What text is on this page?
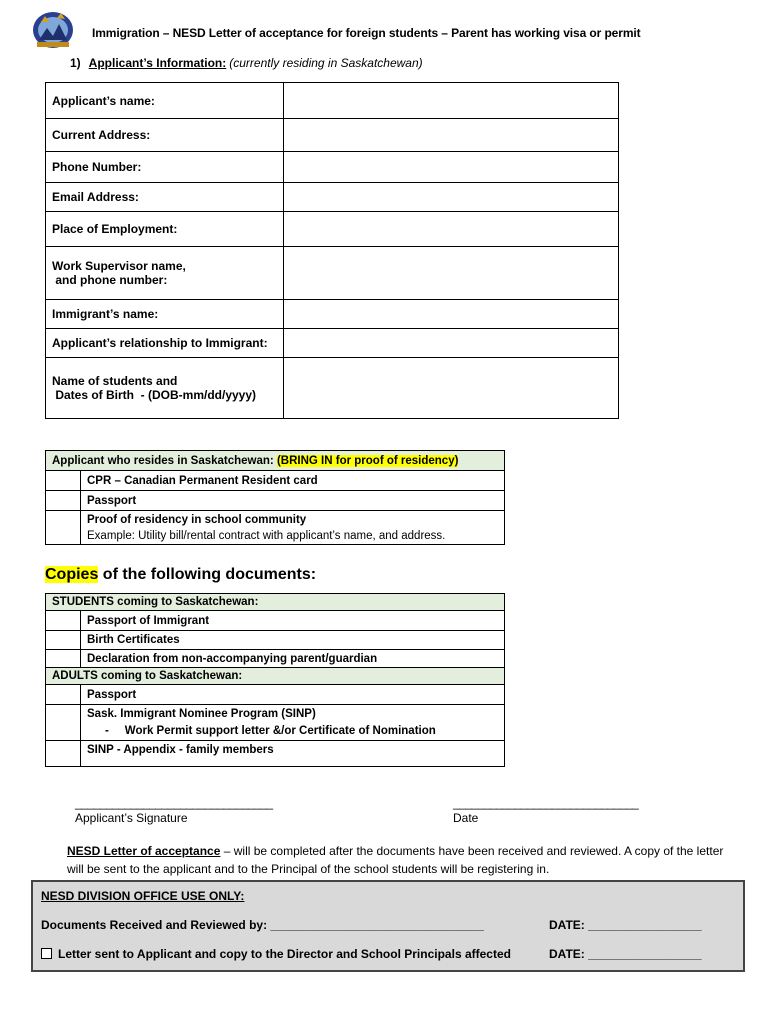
Immigration – NESD Letter of acceptance for foreign students – Parent has working visa or permit
1) Applicant’s Information: (currently residing in Saskatchewan)
Applicant’s name:	
Current Address:	
Phone Number:	
Email Address:	
Place of Employment:	

Work Supervisor name,
and phone number:	

Immigrant’s name:	
Applicant’s relationship to Immigrant:	

Name of students and
Dates of Birth  - (DOB-mm/dd/yyyy)	

Applicant who resides in Saskatchewan: (BRING IN for proof of residency)	
	CPR – Canadian Permanent Resident card
	Passport

	Proof of residency in school community
Example: Utility bill/rental contract with applicant’s name, and address.
Copies of the following documents:
STUDENTS coming to Saskatchewan:	
	Passport of Immigrant
	Birth Certificates
	Declaration from non-accompanying parent/guardian
ADULTS coming to Saskatchewan:	
	Passport

	Sask. Immigrant Nominee Program (SINP)
-     Work Permit support letter &/or Certificate of Nomination

	SINP - Appendix - family members
________________________________
Applicant’s Signature
______________________________
Date
NESD Letter of acceptance – will be completed after the documents have been received and reviewed. A copy of the letter will be sent to the applicant and to the Principal of the school students will be registering in.
NESD DIVISION OFFICE USE ONLY:
Documents Received and Reviewed by: ________________________________	DATE: _________________
Letter sent to Applicant and copy to the Director and School Principals affected	DATE: _________________
